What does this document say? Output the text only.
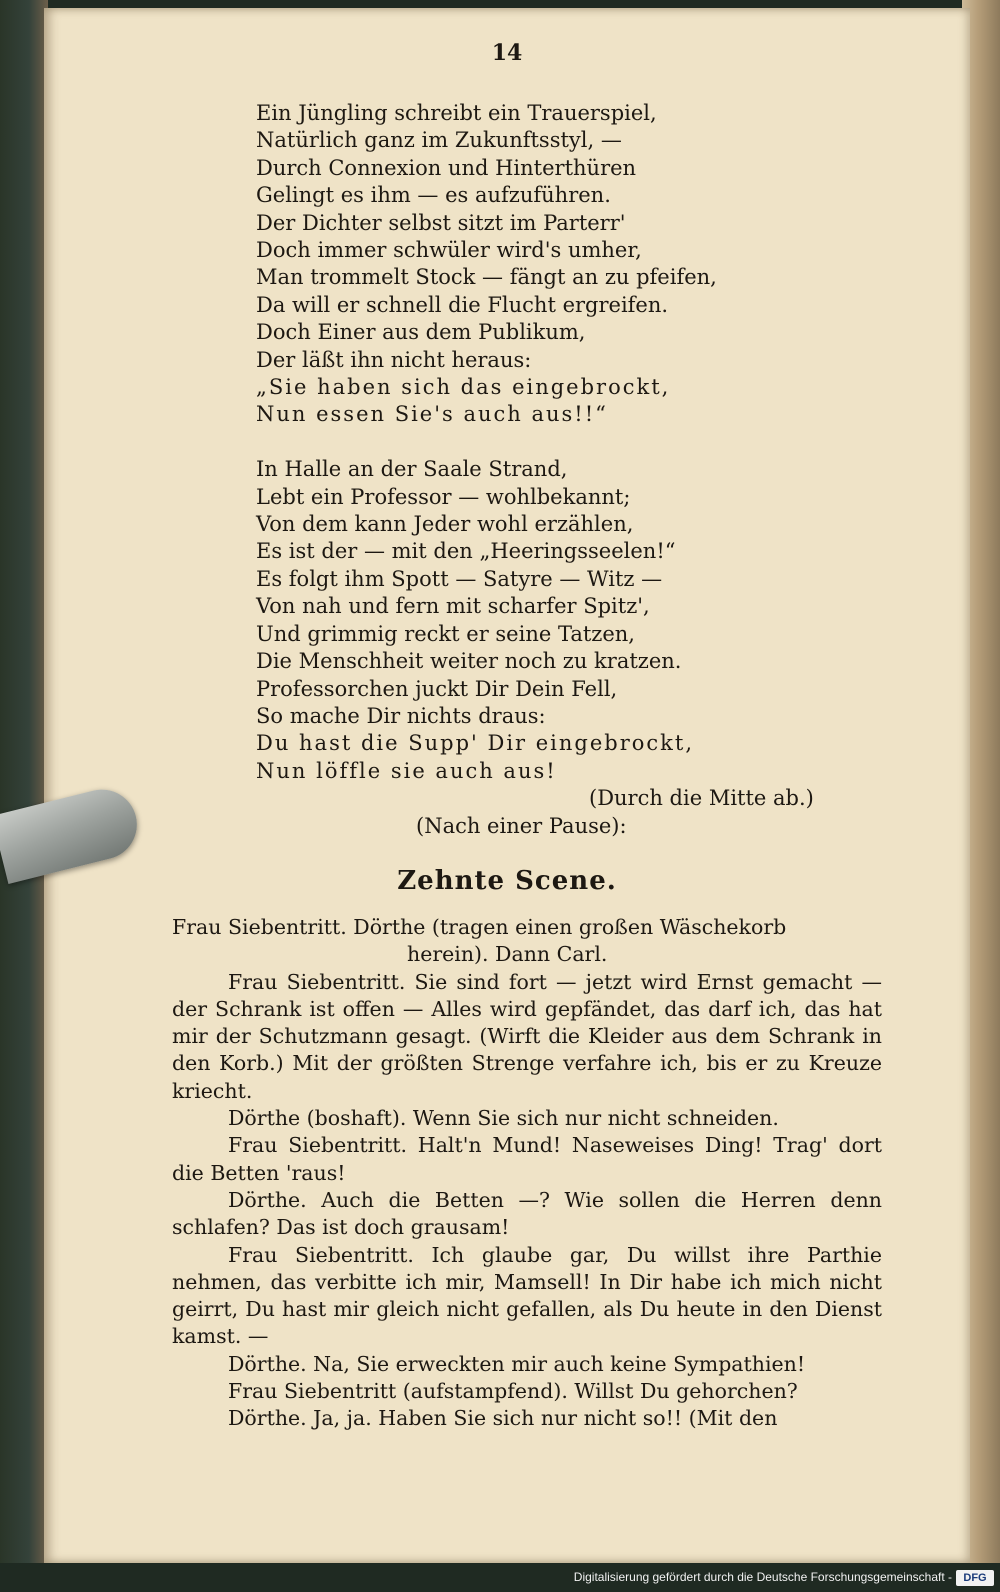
14
Ein Jüngling schreibt ein Trauerspiel,
Natürlich ganz im Zukunftsstyl, —
Durch Connexion und Hinterthüren
Gelingt es ihm — es aufzuführen.
Der Dichter selbst sitzt im Parterr'
Doch immer schwüler wird's umher,
Man trommelt Stock — fängt an zu pfeifen,
Da will er schnell die Flucht ergreifen.
Doch Einer aus dem Publikum,
Der läßt ihn nicht heraus:
„Sie haben sich das eingebrockt,
Nun essen Sie's auch aus!!“
In Halle an der Saale Strand,
Lebt ein Professor — wohlbekannt;
Von dem kann Jeder wohl erzählen,
Es ist der — mit den „Heeringsseelen!“
Es folgt ihm Spott — Satyre — Witz —
Von nah und fern mit scharfer Spitz',
Und grimmig reckt er seine Tatzen,
Die Menschheit weiter noch zu kratzen.
Professorchen juckt Dir Dein Fell,
So mache Dir nichts draus:
Du hast die Supp' Dir eingebrockt,
Nun löffle sie auch aus!
(Durch die Mitte ab.)
(Nach einer Pause):
Zehnte Scene.

Frau Siebentritt. Dörthe (tragen einen großen Wäschekorb

herein). Dann Carl.

Frau Siebentritt. Sie sind fort — jetzt wird Ernst gemacht — der Schrank ist offen — Alles wird gepfändet, das darf ich, das hat mir der Schutzmann gesagt. (Wirft die Kleider aus dem Schrank in den Korb.) Mit der größten Strenge verfahre ich, bis er zu Kreuze kriecht.

Dörthe (boshaft). Wenn Sie sich nur nicht schneiden.

Frau Siebentritt. Halt'n Mund! Naseweises Ding! Trag' dort die Betten 'raus!

Dörthe. Auch die Betten —? Wie sollen die Herren denn schlafen? Das ist doch grausam!

Frau Siebentritt. Ich glaube gar, Du willst ihre Parthie nehmen, das verbitte ich mir, Mamsell! In Dir habe ich mich nicht geirrt, Du hast mir gleich nicht gefallen, als Du heute in den Dienst kamst. —

Dörthe. Na, Sie erweckten mir auch keine Sympathien!

Frau Siebentritt (aufstampfend). Willst Du gehorchen?

Dörthe. Ja, ja. Haben Sie sich nur nicht so!! (Mit den

Digitalisierung gefördert durch die Deutsche Forschungsgemeinschaft -	DFG
